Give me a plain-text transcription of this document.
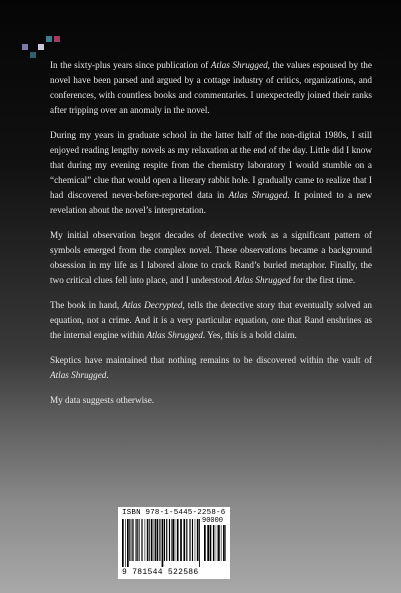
In the sixty-plus years since publication of Atlas Shrugged, the values espoused by the novel have been parsed and argued by a cottage industry of critics, organizations, and conferences, with countless books and commentaries. I unexpectedly joined their ranks after tripping over an anomaly in the novel.

During my years in graduate school in the latter half of the non-digital 1980s, I still enjoyed reading lengthy novels as my relaxation at the end of the day. Little did I know that during my evening respite from the chemistry laboratory I would stumble on a “chemical” clue that would open a literary rabbit hole. I gradually came to realize that I had discovered never-before-reported data in Atlas Shrugged. It pointed to a new revelation about the novel’s interpretation.

My initial observation begot decades of detective work as a significant pattern of symbols emerged from the complex novel. These observations became a background obsession in my life as I labored alone to crack Rand’s buried metaphor. Finally, the two critical clues fell into place, and I understood Atlas Shrugged for the first time.

The book in hand, Atlas Decrypted, tells the detective story that eventually solved an equation, not a crime. And it is a very particular equation, one that Rand enshrines as the internal engine within Atlas Shrugged. Yes, this is a bold claim.

Skeptics have maintained that nothing remains to be discovered within the vault of Atlas Shrugged.

My data suggests otherwise.

ISBN 978-1-5445-2258-6
90000
9 781544 522586
